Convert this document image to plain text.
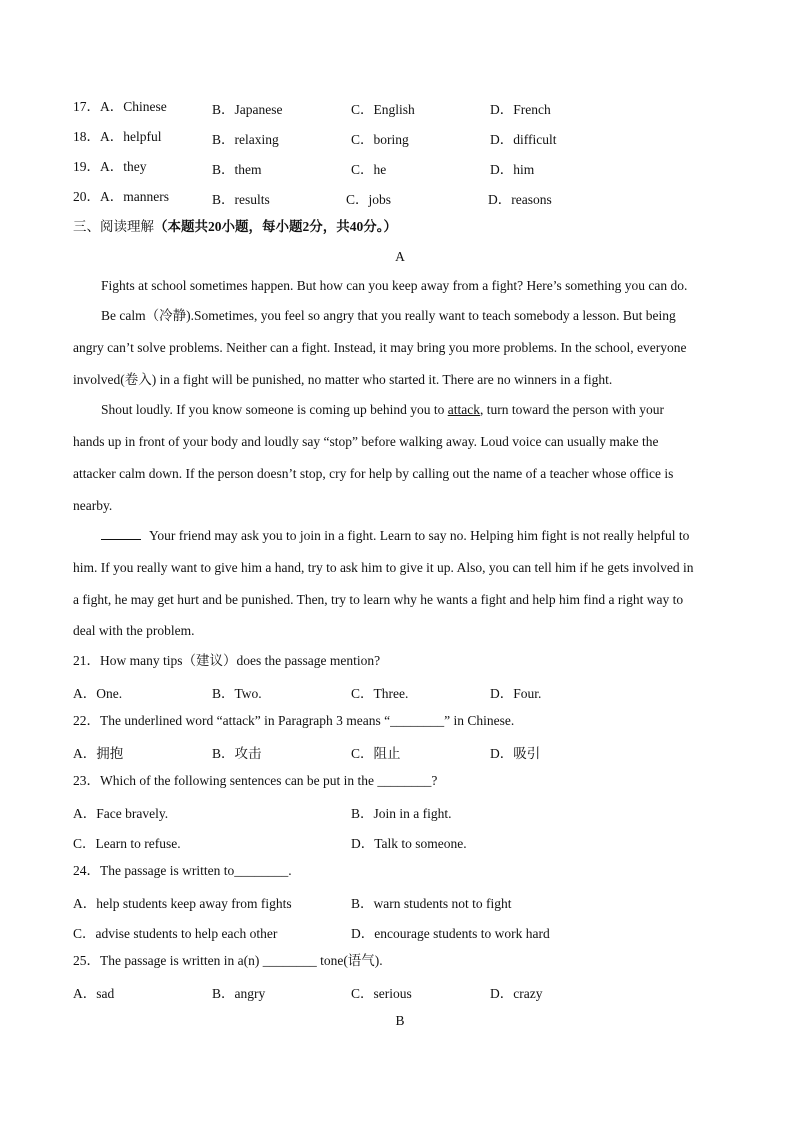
17．A．Chinese	B．Japanese	C．English	D．French
18．A．helpful	B．relaxing	C．boring	D．difficult
19．A．they	B．them	C．he	D．him
20．A．manners	B．results	C．jobs	D．reasons
三、阅读理解（本题共20小题，每小题2分，共40分。）
A
Fights at school sometimes happen. But how can you keep away from a fight? Here’s something you can do.
Be calm（冷静).Sometimes, you feel so angry that you really want to teach somebody a lesson. But being
angry can’t solve problems. Neither can a fight. Instead, it may bring you more problems. In the school, everyone
involved(卷入) in a fight will be punished, no matter who started it. There are no winners in a fight.
Shout loudly. If you know someone is coming up behind you to attack, turn toward the person with your
hands up in front of your body and loudly say “stop” before walking away. Loud voice can usually make the
attacker calm down. If the person doesn’t stop, cry for help by calling out the name of a teacher whose office is
nearby.
Your friend may ask you to join in a fight. Learn to say no. Helping him fight is not really helpful to
him. If you really want to give him a hand, try to ask him to give it up. Also, you can tell him if he gets involved in
a fight, he may get hurt and be punished. Then, try to learn why he wants a fight and help him find a right way to
deal with the problem.
21．How many tips（建议）does the passage mention?
A．One.	B．Two.	C．Three.	D．Four.
22．The underlined word “attack” in Paragraph 3 means “________” in Chinese.
A．拥抱	B．攻击	C．阻止	D．吸引
23．Which of the following sentences can be put in the ________?
A．Face bravely.	B．Join in a fight.
C．Learn to refuse.	D．Talk to someone.
24．The passage is written to________.
A．help students keep away from fights	B．warn students not to fight
C．advise students to help each other	D．encourage students to work hard
25．The passage is written in a(n) ________ tone(语气).
A．sad	B．angry	C．serious	D．crazy
B
